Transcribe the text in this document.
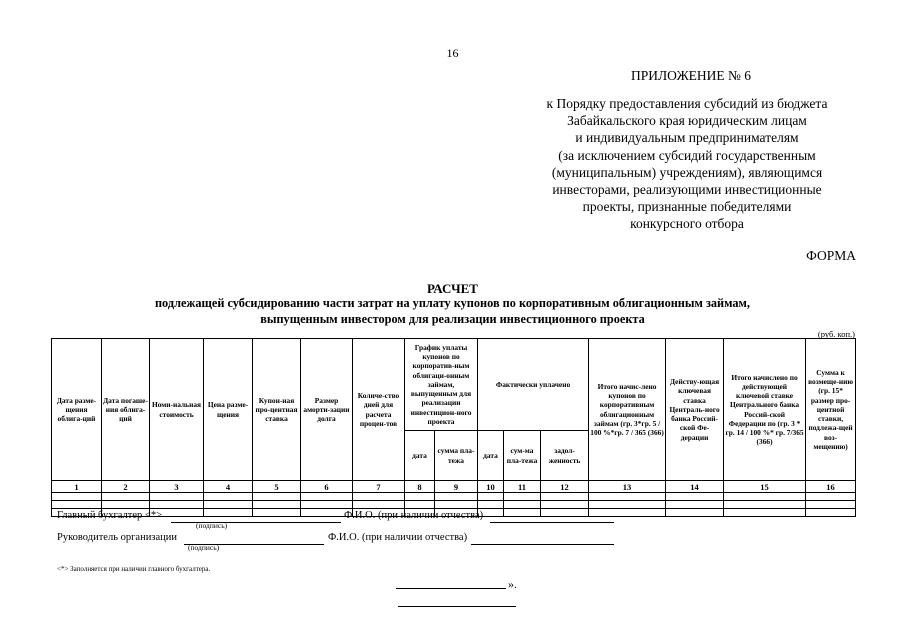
16
ПРИЛОЖЕНИЕ № 6
к Порядку предоставления субсидий из бюджета
Забайкальского края юридическим лицам
и индивидуальным предпринимателям
(за исключением субсидий государственным
(муниципальным) учреждениям), являющимся
инвесторами, реализующими инвестиционные
проекты, признанные победителями
конкурсного отбора
ФОРМА
РАСЧЕТ
подлежащей субсидированию части затрат на уплату купонов по корпоративным облигационным займам,
выпущенным инвестором для реализации инвестиционного проекта
(руб. коп.)
Дата разме-щения облига-ций	Дата погаше-ния облига-ций	Номи-нальная стоимость	Цена разме-щения	Купон-ная про-центная ставка	Размер аморти-зации долга	Количе-ство дней для расчета процен-тов	График уплаты купонов по корпоратив-ным облигаци-онным займам, выпущенным для реализации инвестицион-ного проекта		Фактически уплачено			Итого начис-лено купонов по корпоративным облигационным займам (гр. 3*гр. 5 / 100 %*гр. 7 / 365 (366)	Действу-ющая ключевая ставка Централь-ного банка Россий-ской Фе-дерации	Итого начислено по действующей ключевой ставке Центрального банка Россий-ской Федерации по (гр. 3 * гр. 14 / 100 %* гр. 7/365 (366)	Сумма к возмеще-нию (гр. 15* размер про-центной ставки, подлежа-щей воз-мещению)
							дата	сумма пла-тежа	дата	сум-ма пла-тежа	задол-женность				
1	2	3	4	5	6	7	8	9	10	11	12	13	14	15	16

Главный бухгалтер <*>
(подпись)
Ф.И.О. (при наличии отчества)
Руководитель организации
(подпись)
Ф.И.О. (при наличии отчества)
<*> Заполняется при наличии главного бухгалтера.
».
